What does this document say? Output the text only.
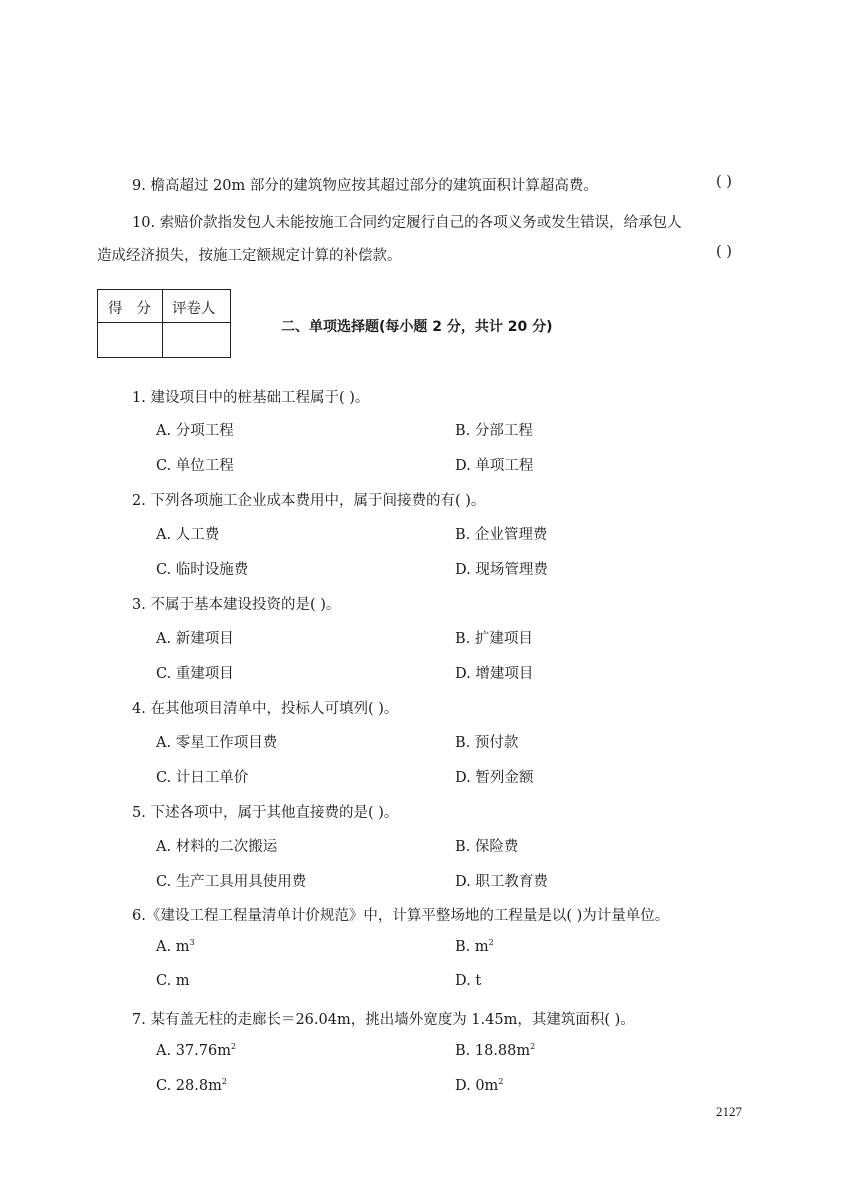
9. 檐高超过 20m 部分的建筑物应按其超过部分的建筑面积计算超高费。	( )
10. 索赔价款指发包人未能按施工合同约定履行自己的各项义务或发生错误，给承包人
造成经济损失，按施工定额规定计算的补偿款。	( )
得   分 评卷人
二、单项选择题(每小题 2 分，共计 20 分)
1. 建设项目中的桩基础工程属于( )。
A. 分项工程	B. 分部工程
C. 单位工程	D. 单项工程
2. 下列各项施工企业成本费用中，属于间接费的有( )。
A. 人工费	B. 企业管理费
C. 临时设施费	D. 现场管理费
3. 不属于基本建设投资的是( )。
A. 新建项目	B. 扩建项目
C. 重建项目	D. 增建项目
4. 在其他项目清单中，投标人可填列( )。
A. 零星工作项目费	B. 预付款
C. 计日工单价	D. 暂列金额
5. 下述各项中，属于其他直接费的是( )。
A. 材料的二次搬运	B. 保险费
C. 生产工具用具使用费	D. 职工教育费
6.《建设工程工程量清单计价规范》中，计算平整场地的工程量是以( )为计量单位。
A. $m^3$	B. $m^2$
C. m	D. t
7. 某有盖无柱的走廊长＝26.04m，挑出墙外宽度为 1.45m，其建筑面积( )。
A. $37.76m^2$	B. $18.88m^2$
C. $28.8m^2$	D. $0m^2$
2127
